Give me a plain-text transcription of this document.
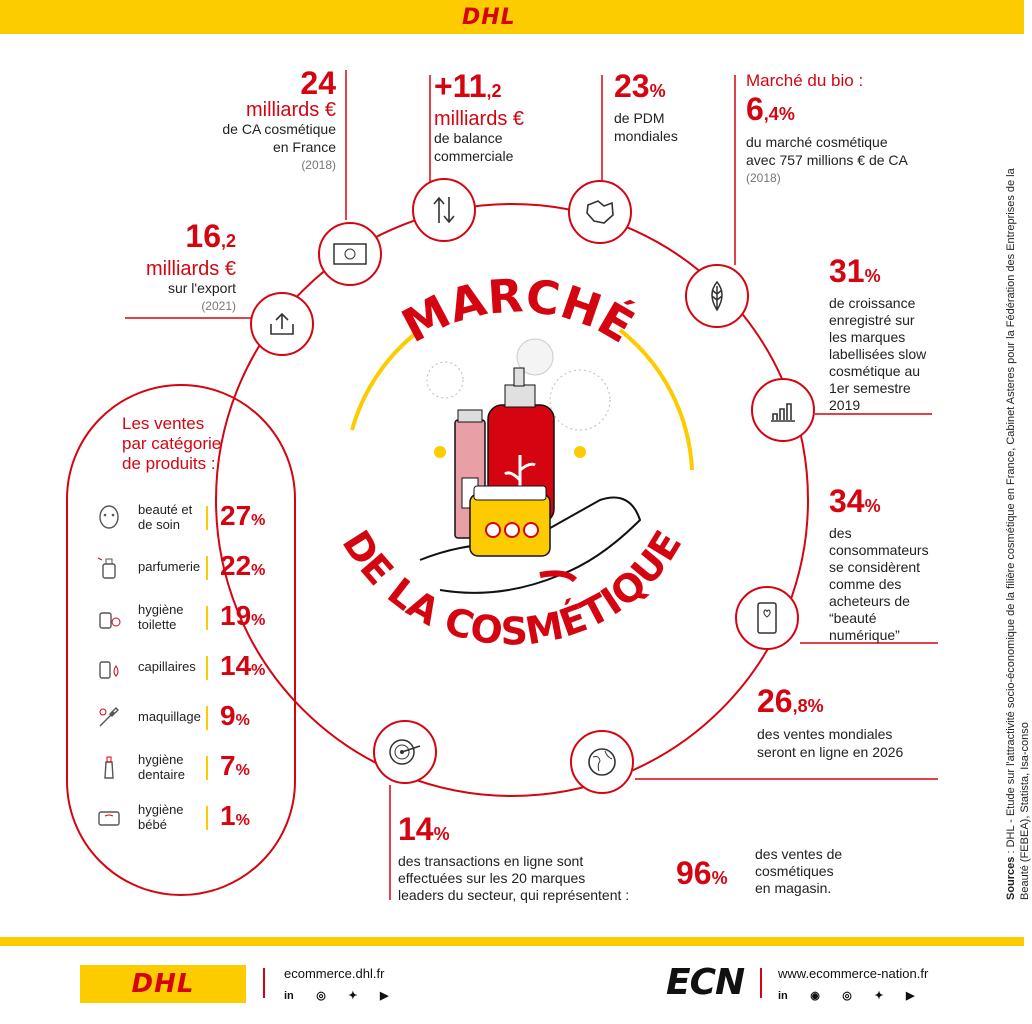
DHL
MARCHÉ
DE LA COSMÉTIQUE
24
milliards €
de CA cosmétique
en France
(2018)
+11,2
milliards €
de balance
commerciale
23%
de PDM
mondiales
Marché du bio :
6,4%
du marché cosmétique
avec 757 millions € de CA
(2018)
16,2
milliards €
sur l'export
(2021)
31%
de croissance
enregistré sur
les marques
labellisées slow
cosmétique au
1er semestre
2019
34%
des
consommateurs
se considèrent
comme des
acheteurs de
“beauté
numérique”
26,8%
des ventes mondiales
seront en ligne en 2026
14%
des transactions en ligne sont
effectuées sur les 20 marques
leaders du secteur, qui représentent :
96%
des ventes de
cosmétiques
en magasin.
Les ventes
par catégorie
de produits :
beauté et
de soin	27%
parfumerie 22%
hygiène
toilette 19%
capillaires 14%
maquillage 9%
hygiène
dentaire 7%
hygiène
bébé	1%
Sources : DHL - Etude sur l'attractivité socio-économique de la filière cosmétique en France, Cabinet Asteres pour la Fédération des Entreprises de la Beauté (FEBEA), Statista, Isa-conso
DHL	ecommerce.dhl.fr
in ◎ ✦ ▶	ECN	www.ecommerce-nation.fr
in ◉ ◎ ✦ ▶
